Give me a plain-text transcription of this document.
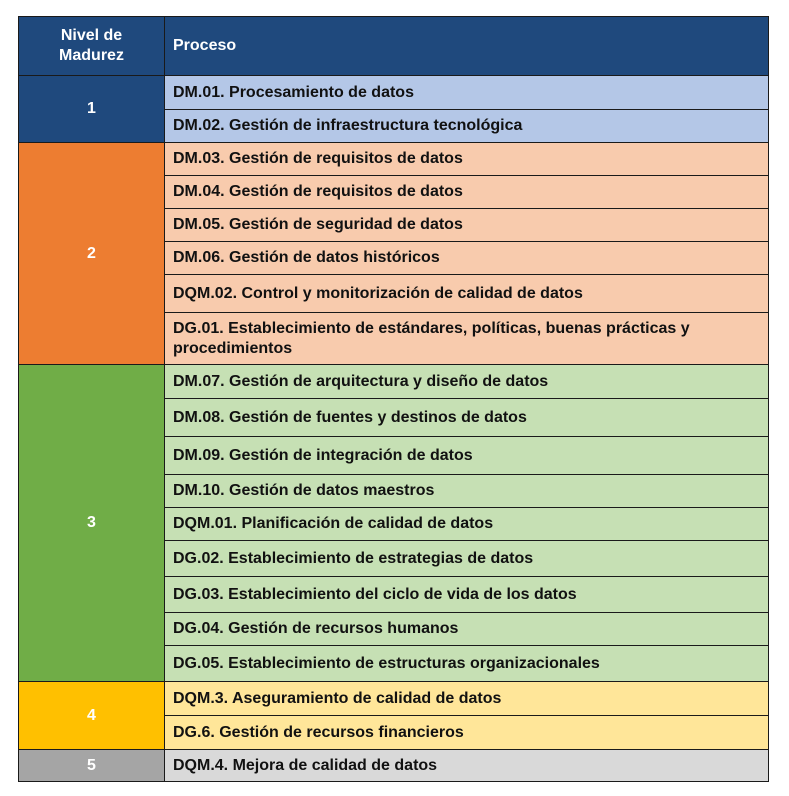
Nivel de Madurez	Proceso
1	DM.01. Procesamiento de datos
	DM.02. Gestión de infraestructura tecnológica
2	DM.03. Gestión de requisitos de datos
	DM.04. Gestión de requisitos de datos
	DM.05. Gestión de seguridad de datos
	DM.06. Gestión de datos históricos
	DQM.02. Control y monitorización de calidad de datos
	DG.01. Establecimiento de estándares, políticas, buenas prácticas y procedimientos
3	DM.07. Gestión de arquitectura y diseño de datos
	DM.08. Gestión de fuentes y destinos de datos
	DM.09. Gestión de integración de datos
	DM.10. Gestión de datos maestros
	DQM.01. Planificación de calidad de datos
	DG.02. Establecimiento de estrategias de datos
	DG.03. Establecimiento del ciclo de vida de los datos
	DG.04. Gestión de recursos humanos
	DG.05. Establecimiento de estructuras organizacionales
4	DQM.3. Aseguramiento de calidad de datos
	DG.6. Gestión de recursos financieros
5	DQM.4. Mejora de calidad de datos
